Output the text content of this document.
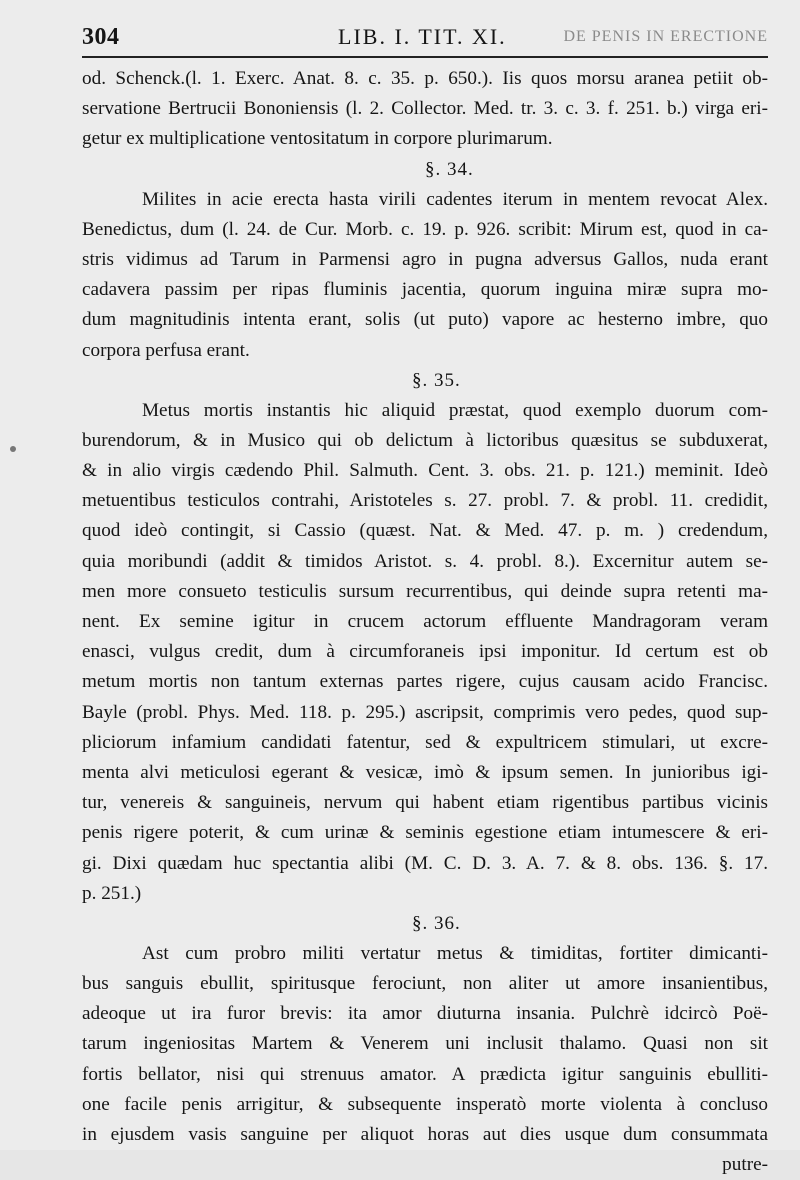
304	LIB. I. TIT. XI.	DE PENIS IN ERECTIONE

od. Schenck.(l. 1. Exerc. Anat. 8. c. 35. p. 650.). Iis quos morsu aranea petiit ob-

servatione Bertrucii Bononiensis (l. 2. Collector. Med. tr. 3. c. 3. f. 251. b.) virga eri-

getur ex multiplicatione ventositatum in corpore plurimarum.

§. 34.

Milites in acie erecta hasta virili cadentes iterum in mentem revocat Alex.

Benedictus, dum (l. 24. de Cur. Morb. c. 19. p. 926. scribit: Mirum est, quod in ca-

stris vidimus ad Tarum in Parmensi agro in pugna adversus Gallos, nuda erant

cadavera passim per ripas fluminis jacentia, quorum inguina miræ supra mo-

dum magnitudinis intenta erant, solis (ut puto) vapore ac hesterno imbre, quo

corpora perfusa erant.

§. 35.

Metus mortis instantis hic aliquid præstat, quod exemplo duorum com-

burendorum, & in Musico qui ob delictum à lictoribus quæsitus se subduxerat,

& in alio virgis cædendo Phil. Salmuth. Cent. 3. obs. 21. p. 121.) meminit. Ideò

metuentibus testiculos contrahi, Aristoteles s. 27. probl. 7. & probl. 11. credidit,

quod ideò contingit, si Cassio (quæst. Nat. & Med. 47. p. m. ) credendum,

quia moribundi (addit & timidos Aristot. s. 4. probl. 8.). Excernitur autem se-

men more consueto testiculis sursum recurrentibus, qui deinde supra retenti ma-

nent. Ex semine igitur in crucem actorum effluente Mandragoram veram

enasci, vulgus credit, dum à circumforaneis ipsi imponitur. Id certum est ob

metum mortis non tantum externas partes rigere, cujus causam acido Francisc.

Bayle (probl. Phys. Med. 118. p. 295.) ascripsit, comprimis vero pedes, quod sup-

pliciorum infamium candidati fatentur, sed & expultricem stimulari, ut excre-

menta alvi meticulosi egerant & vesicæ, imò & ipsum semen. In junioribus igi-

tur, venereis & sanguineis, nervum qui habent etiam rigentibus partibus vicinis

penis rigere poterit, & cum urinæ & seminis egestione etiam intumescere & eri-

gi. Dixi quædam huc spectantia alibi (M. C. D. 3. A. 7. & 8. obs. 136. §. 17.

p. 251.)

§. 36.

Ast cum probro militi vertatur metus & timiditas, fortiter dimicanti-

bus sanguis ebullit, spiritusque ferociunt, non aliter ut amore insanientibus,

adeoque ut ira furor brevis: ita amor diuturna insania. Pulchrè idcircò Poë-

tarum ingeniositas Martem & Venerem uni inclusit thalamo. Quasi non sit

fortis bellator, nisi qui strenuus amator. A prædicta igitur sanguinis ebulliti-

one facile penis arrigitur, & subsequente insperatò morte violenta à concluso

in ejusdem vasis sanguine per aliquot horas aut dies usque dum consummata

putre-
